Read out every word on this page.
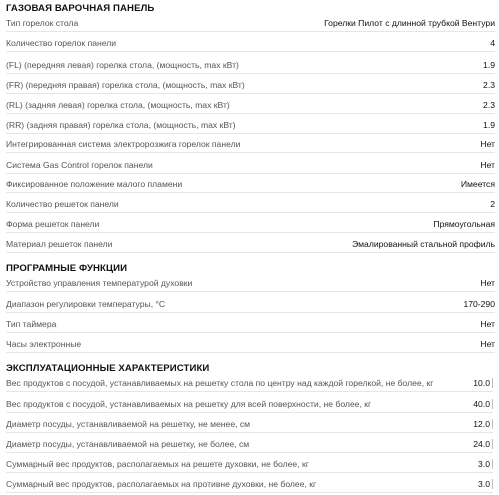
ГАЗОВАЯ ВАРОЧНАЯ ПАНЕЛЬ
Тип горелок стола	Горелки Пилот с длинной трубкой Вентури
Количество горелок панели	4
(FL) (передняя левая) горелка стола, (мощность, max кВт)	1.9
(FR) (передняя правая) горелка стола, (мощность, max кВт)	2.3
(RL) (задняя левая) горелка стола, (мощность, max кВт)	2.3
(RR) (задняя правая) горелка стола, (мощность, max кВт)	1.9
Интегрированная система электророзжига горелок панели	Нет
Система Gas Control горелок панели	Нет
Фиксированное положение малого пламени	Имеется
Количество решеток панели	2
Форма решеток панели	Прямоугольная
Материал решеток панели	Эмалированный стальной профиль
ПРОГРАМНЫЕ ФУНКЦИИ
Устройство управления температурой духовки	Нет
Диапазон регулировки температуры, °C	170-290
Тип таймера	Нет
Часы электронные	Нет
ЭКСПЛУАТАЦИОННЫЕ ХАРАКТЕРИСТИКИ
Вес продуктов с посудой, устанавливаемых на решетку стола по центру над каждой горелкой, не более, кг	10.0
Вес продуктов с посудой, устанавливаемых на решетку для всей поверхности, не более, кг	40.0
Диаметр посуды, устанавливаемой на решетку, не менее, см	12.0
Диаметр посуды, устанавливаемой на решетку, не более, см	24.0
Суммарный вес продуктов, располагаемых на решете духовки, не более, кг	3.0
Суммарный вес продуктов, располагаемых на противне духовки, не более, кг	3.0
